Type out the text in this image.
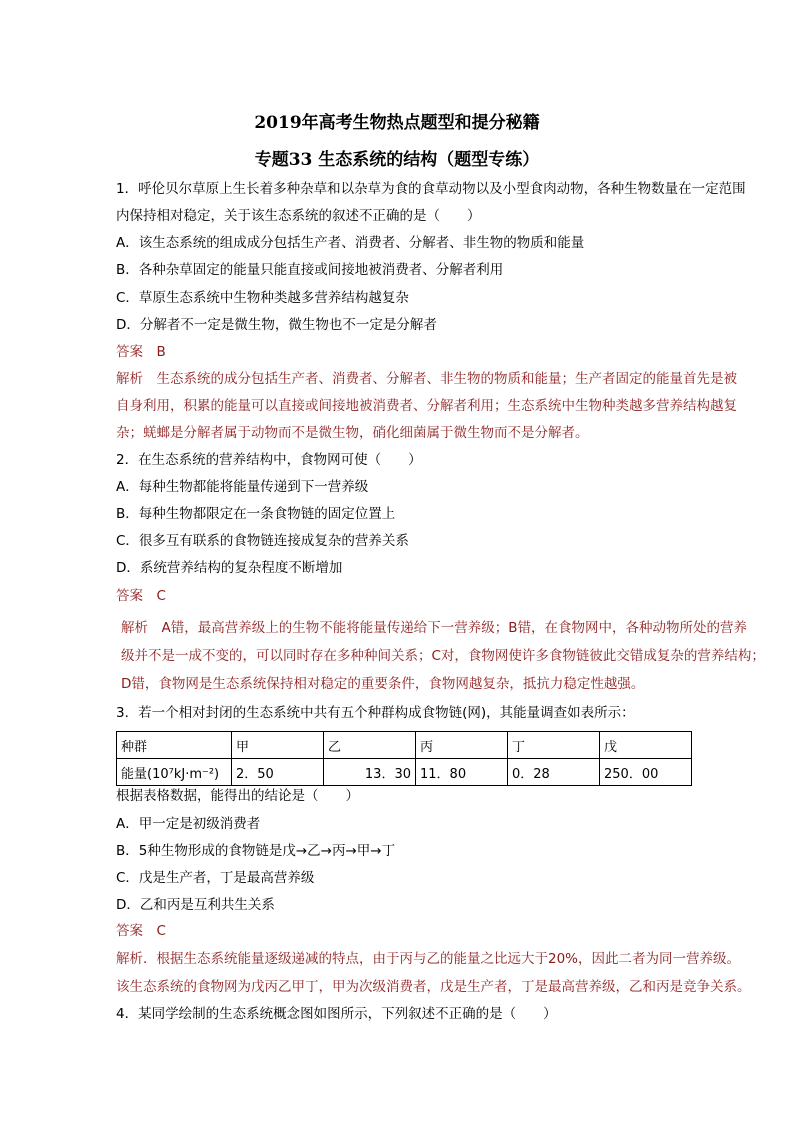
2019年高考生物热点题型和提分秘籍
专题33 生态系统的结构（题型专练）
1．呼伦贝尔草原上生长着多种杂草和以杂草为食的食草动物以及小型食肉动物，各种生物数量在一定范围
内保持相对稳定，关于该生态系统的叙述不正确的是（　　）
A．该生态系统的组成成分包括生产者、消费者、分解者、非生物的物质和能量
B．各种杂草固定的能量只能直接或间接地被消费者、分解者利用
C．草原生态系统中生物种类越多营养结构越复杂
D．分解者不一定是微生物，微生物也不一定是分解者
答案　B
解析　生态系统的成分包括生产者、消费者、分解者、非生物的物质和能量；生产者固定的能量首先是被
自身利用，积累的能量可以直接或间接地被消费者、分解者利用；生态系统中生物种类越多营养结构越复
杂；蜣螂是分解者属于动物而不是微生物，硝化细菌属于微生物而不是分解者。
2．在生态系统的营养结构中，食物网可使（　　）
A．每种生物都能将能量传递到下一营养级
B．每种生物都限定在一条食物链的固定位置上
C．很多互有联系的食物链连接成复杂的营养关系
D．系统营养结构的复杂程度不断增加
答案　C
解析　A错，最高营养级上的生物不能将能量传递给下一营养级；B错，在食物网中，各种动物所处的营养
级并不是一成不变的，可以同时存在多种种间关系；C对，食物网使许多食物链彼此交错成复杂的营养结构；
D错，食物网是生态系统保持相对稳定的重要条件，食物网越复杂，抵抗力稳定性越强。
3．若一个相对封闭的生态系统中共有五个种群构成食物链(网)，其能量调查如表所示：
种群	甲	乙	丙	丁	戊
能量(10⁷kJ·m⁻²)	2．50	13．30	11．80	0．28	250．00
根据表格数据，能得出的结论是（　　）
A．甲一定是初级消费者
B．5种生物形成的食物链是戊→乙→丙→甲→丁
C．戊是生产者，丁是最高营养级
D．乙和丙是互利共生关系
答案　C
解析．根据生态系统能量逐级递减的特点，由于丙与乙的能量之比远大于20%，因此二者为同一营养级。
该生态系统的食物网为戊丙乙甲丁，甲为次级消费者，戊是生产者，丁是最高营养级，乙和丙是竞争关系。
4．某同学绘制的生态系统概念图如图所示，下列叙述不正确的是（　　）
